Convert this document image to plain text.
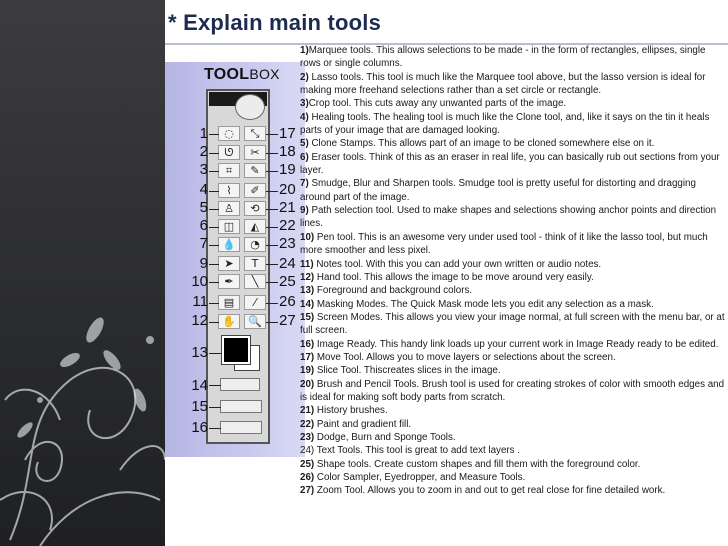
* Explain main tools
TOOLBOX
◌
ᘎ
⌗
⌇
♙
◫
💧
➤
✒
▤
✋
⤡
✂
✎
✐
⟲
◭
◔
T
╲
⁄
🔍
1
2
3
4
5
6
7
9
10
11
12
13
14
15
16
17
18
19
20
21
22
23
24
25
26
27

1)Marquee tools. This allows selections to be made - in the form of rectangles, ellipses, single rows or single columns.

2) Lasso tools. This tool is much like the Marquee tool above, but the lasso version is ideal for making more freehand selections rather than a set circle or rectangle.

3)Crop tool. This cuts away any unwanted parts of the image.

4) Healing tools. The healing tool is much like the Clone tool, and, like it says on the tin it heals parts of your image that are damaged looking.

5) Clone Stamps. This allows part of an image to be cloned somewhere else on it.

6) Eraser tools. Think of this as an eraser in real life, you can basically rub out sections from your layer.

7) Smudge, Blur and Sharpen tools. Smudge tool is pretty useful for distorting and dragging around part of the image.

9) Path selection tool. Used to make shapes and selections showing anchor points and direction lines.

10) Pen tool. This is an awesome very under used tool - think of it like the lasso tool, but much more smoother and less pixel.

11) Notes tool. With this you can add your own written or audio notes.

12) Hand tool. This allows the image to be move around very easily.

13) Foreground and background colors.

14) Masking Modes. The Quick Mask mode lets you edit any selection as a mask.

15) Screen Modes. This allows you view your image normal, at full screen with the menu bar, or at full screen.

16) Image Ready. This handy link loads up your current work in Image Ready ready to be edited.

17) Move Tool. Allows you to move layers or selections about the screen.

19) Slice Tool. Thiscreates slices in the image.

20) Brush and Pencil Tools. Brush tool is used for creating strokes of color with smooth edges and is ideal for making soft body parts from scratch.

21) History brushes.

22) Paint and gradient fill.

23) Dodge, Burn and Sponge Tools.

24) Text Tools. This tool is great to add text layers .

25) Shape tools. Create custom shapes and fill them with the foreground color.

26) Color Sampler, Eyedropper, and Measure Tools.

27) Zoom Tool. Allows you to zoom in and out to get real close for fine detailed work.
